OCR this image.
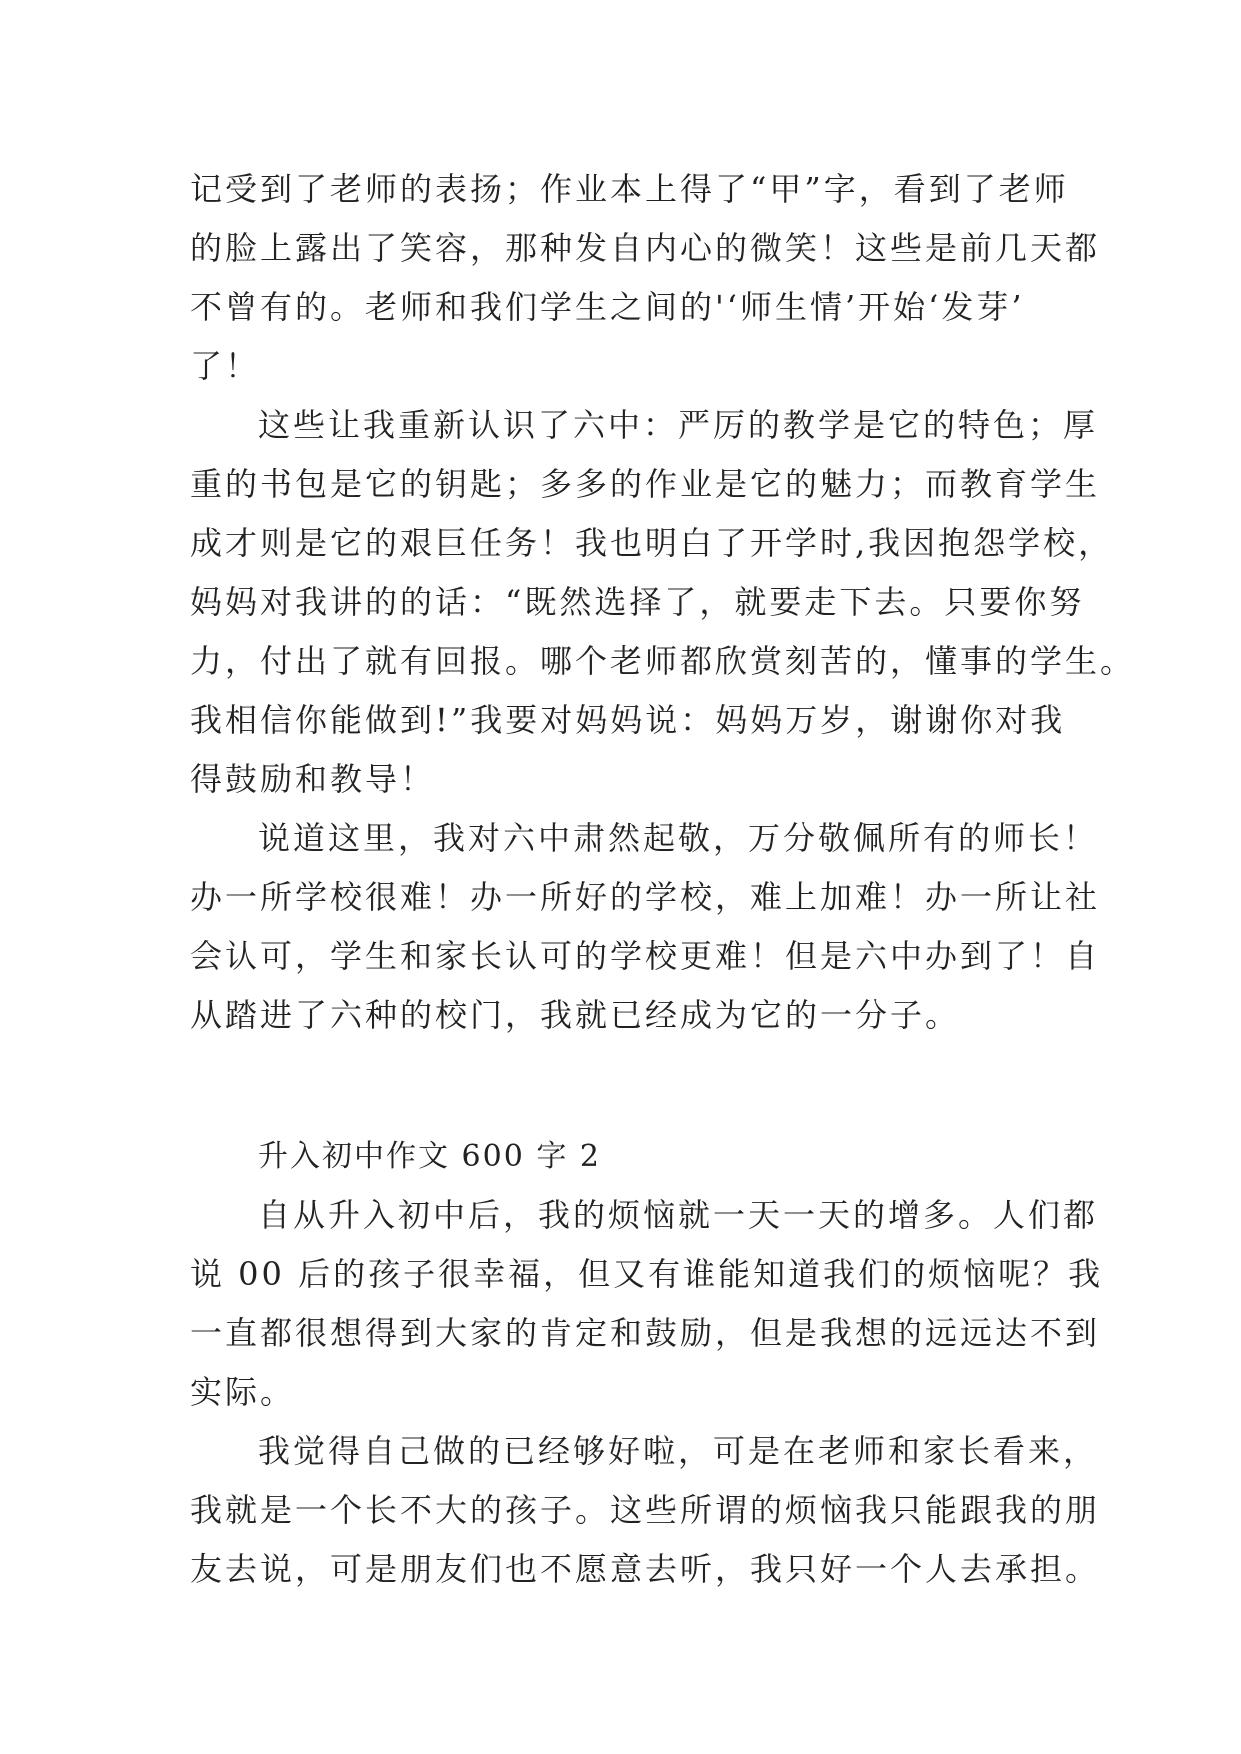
记受到了老师的表扬；作业本上得了“甲”字，看到了老师
的脸上露出了笑容，那种发自内心的微笑！这些是前几天都
不曾有的。老师和我们学生之间的'‘师生情’开始‘发芽’
了！
这些让我重新认识了六中：严厉的教学是它的特色；厚
重的书包是它的钥匙；多多的作业是它的魅力；而教育学生
成才则是它的艰巨任务！我也明白了开学时,我因抱怨学校，
妈妈对我讲的的话：“既然选择了，就要走下去。只要你努
力，付出了就有回报。哪个老师都欣赏刻苦的，懂事的学生。
我相信你能做到!”我要对妈妈说：妈妈万岁，谢谢你对我
得鼓励和教导！
说道这里，我对六中肃然起敬，万分敬佩所有的师长！
办一所学校很难！办一所好的学校，难上加难！办一所让社
会认可，学生和家长认可的学校更难！但是六中办到了！自
从踏进了六种的校门，我就已经成为它的一分子。
升入初中作文 600 字 2
自从升入初中后，我的烦恼就一天一天的增多。人们都
说 00 后的孩子很幸福，但又有谁能知道我们的烦恼呢？我
一直都很想得到大家的肯定和鼓励，但是我想的远远达不到
实际。
我觉得自己做的已经够好啦，可是在老师和家长看来，
我就是一个长不大的孩子。这些所谓的烦恼我只能跟我的朋
友去说，可是朋友们也不愿意去听，我只好一个人去承担。
